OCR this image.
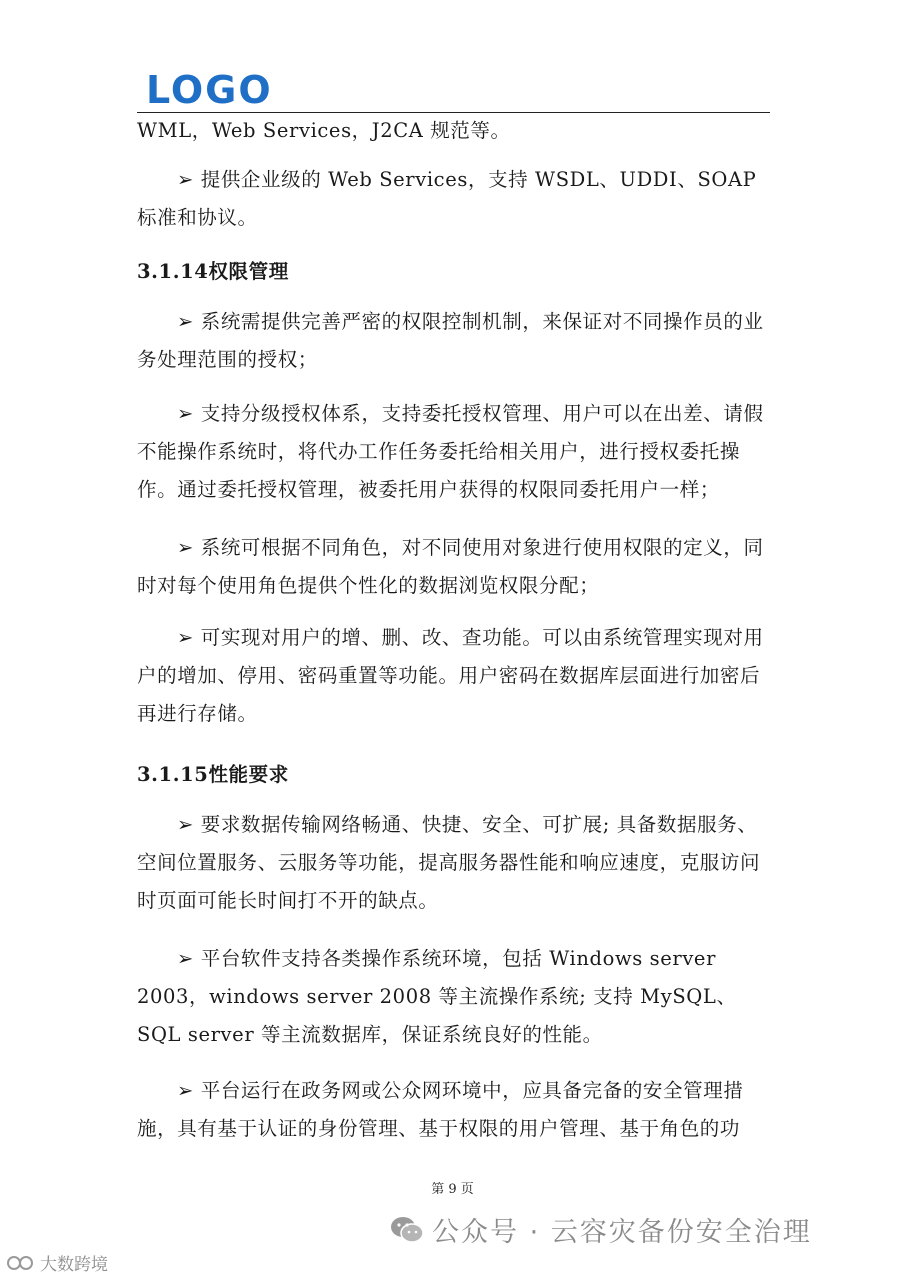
LOGO

WML，Web Services，J2CA 规范等。

➢ 提供企业级的 Web Services，支持 WSDL、UDDI、SOAP 标准和协议。

3.1.14权限管理

➢ 系统需提供完善严密的权限控制机制，来保证对不同操作员的业务处理范围的授权；

➢ 支持分级授权体系，支持委托授权管理、用户可以在出差、请假不能操作系统时，将代办工作任务委托给相关用户，进行授权委托操作。通过委托授权管理，被委托用户获得的权限同委托用户一样；

➢ 系统可根据不同角色，对不同使用对象进行使用权限的定义，同时对每个使用角色提供个性化的数据浏览权限分配；

➢ 可实现对用户的增、删、改、查功能。可以由系统管理实现对用户的增加、停用、密码重置等功能。用户密码在数据库层面进行加密后再进行存储。

3.1.15性能要求

➢ 要求数据传输网络畅通、快捷、安全、可扩展; 具备数据服务、空间位置服务、云服务等功能，提高服务器性能和响应速度，克服访问时页面可能长时间打不开的缺点。

➢ 平台软件支持各类操作系统环境，包括 Windows server 2003，windows server 2008 等主流操作系统; 支持 MySQL、SQL server 等主流数据库，保证系统良好的性能。

➢ 平台运行在政务网或公众网环境中，应具备完备的安全管理措施，具有基于认证的身份管理、基于权限的用户管理、基于角色的功

第 9 页
公众号 · 云容灾备份安全治理
大数跨境
